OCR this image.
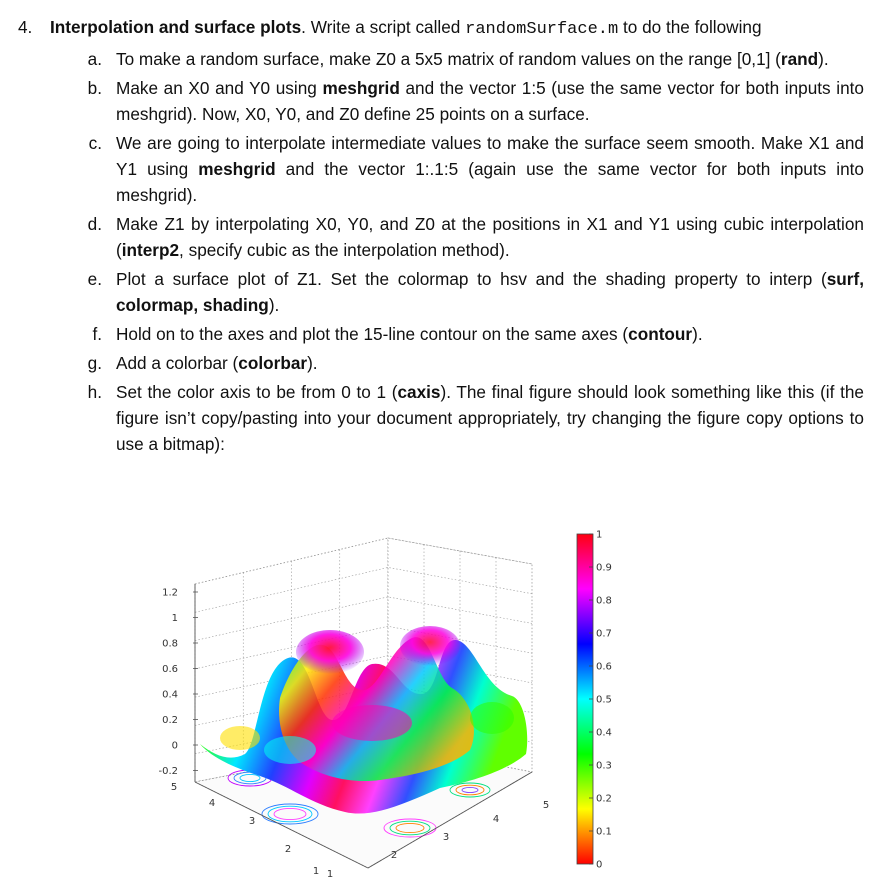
4.	Interpolation and surface plots. Write a script called randomSurface.m to do the following
a. To make a random surface, make Z0 a 5x5 matrix of random values on the range [0,1] (rand).
b. Make an X0 and Y0 using meshgrid and the vector 1:5 (use the same vector for both inputs into meshgrid). Now, X0, Y0, and Z0 define 25 points on a surface.
c. We are going to interpolate intermediate values to make the surface seem smooth. Make X1 and Y1 using meshgrid and the vector 1:.1:5 (again use the same vector for both inputs into meshgrid).
d. Make Z1 by interpolating X0, Y0, and Z0 at the positions in X1 and Y1 using cubic interpolation (interp2, specify cubic as the interpolation method).
e. Plot a surface plot of Z1. Set the colormap to hsv and the shading property to interp (surf, colormap, shading).
f. Hold on to the axes and plot the 15-line contour on the same axes (contour).
g. Add a colorbar (colorbar).
h. Set the color axis to be from 0 to 1 (caxis). The final figure should look something like this (if the figure isn’t copy/pasting into your document appropriately, try changing the figure copy options to use a bitmap):
1.2
1
0.8
0.6
0.4
0.2
0
-0.2
5
4
3
2
1 1
2
3
4
5
1
0.9
0.8
0.7
0.6
0.5
0.4
0.3
0.2
0.1
0
